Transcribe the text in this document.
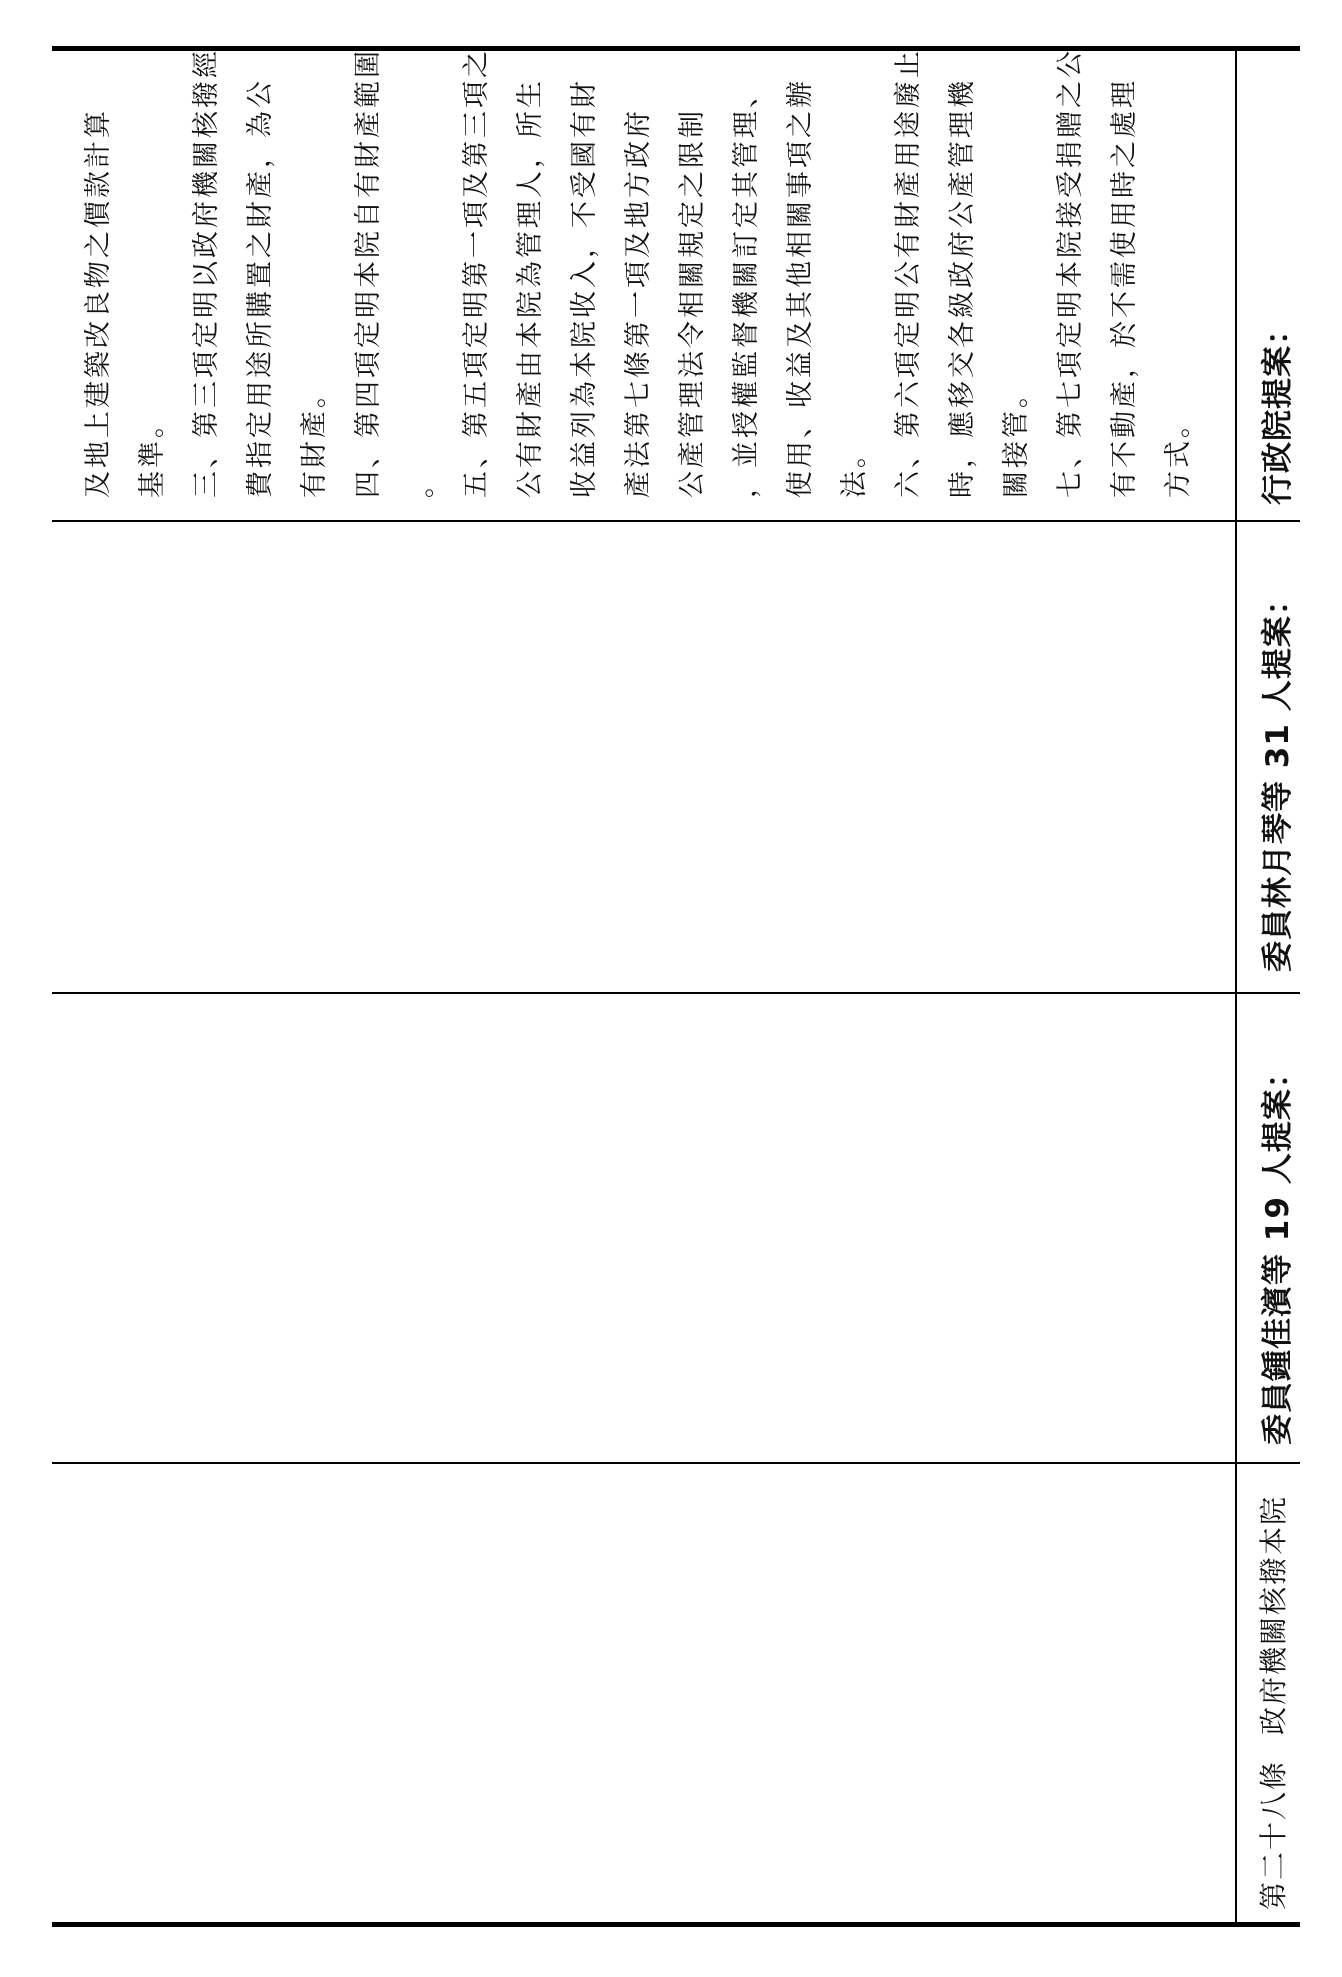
行政院提案：
委員林月琴等 31 人提案：
委員鍾佳濱等 19 人提案：
第二十八條
政府機關核撥本院
及地上建築改良物之價款計算 基準。 三、第三項定明以政府機關核撥經 費指定用途所購置之財產，為公 有財產。 四、第四項定明本院自有財產範圍 。 五、第五項定明第一項及第三項之 公有財產由本院為管理人，所生 收益列為本院收入，不受國有財 產法第七條第一項及地方政府 公產管理法令相關規定之限制 ，並授權監督機關訂定其管理、 使用、收益及其他相關事項之辦 法。 六、第六項定明公有財產用途廢止 時，應移交各級政府公產管理機 關接管。 七、第七項定明本院接受捐贈之公 有不動產，於不需使用時之處理 方式。
